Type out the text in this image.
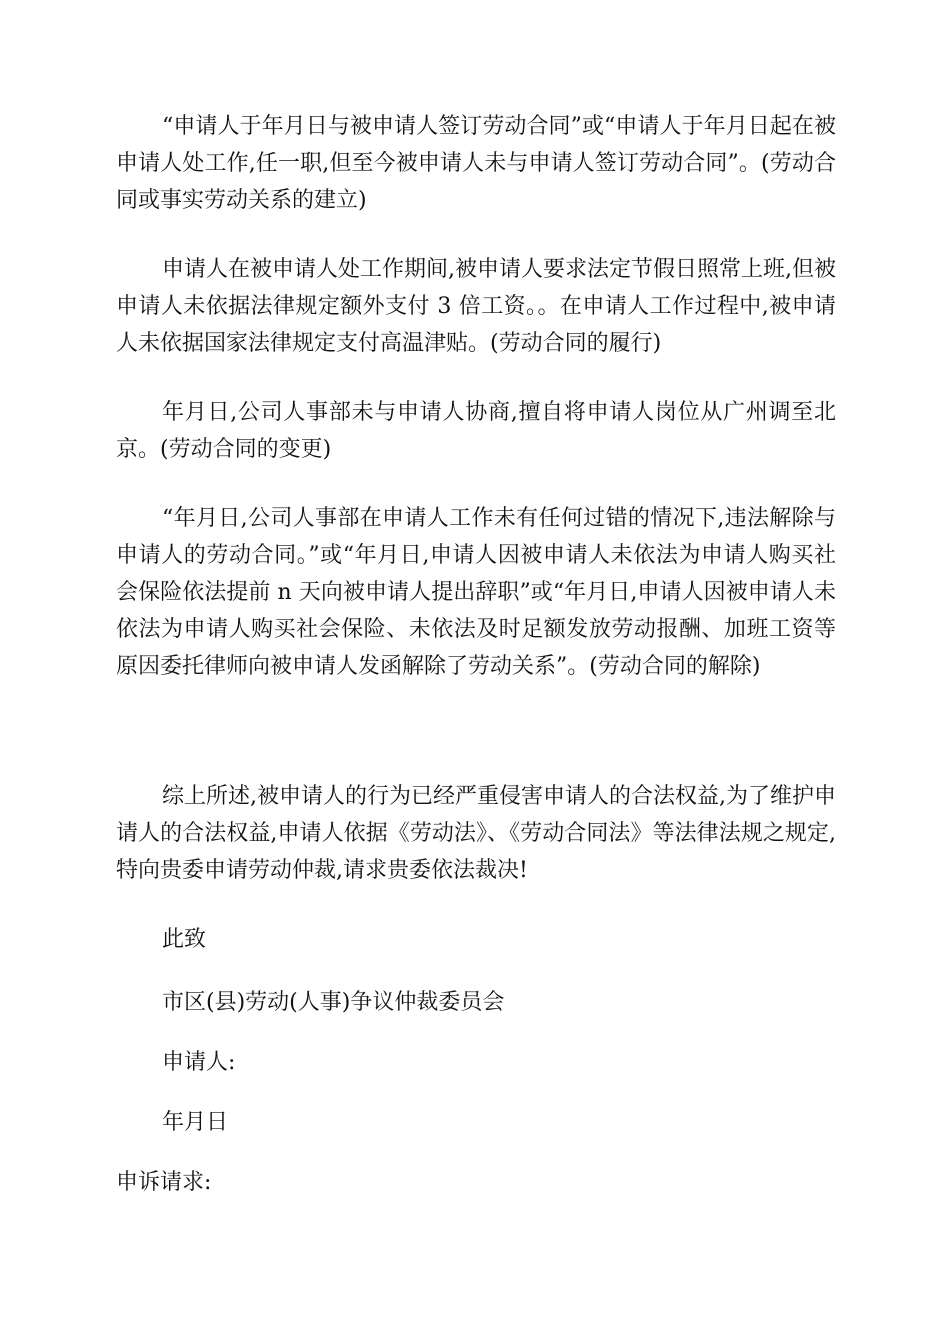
“申请人于年月日与被申请人签订劳动合同”或“申请人于年月日起在被申请人处工作,任一职,但至今被申请人未与申请人签订劳动合同”。(劳动合同或事实劳动关系的建立)

申请人在被申请人处工作期间,被申请人要求法定节假日照常上班,但被申请人未依据法律规定额外支付 3 倍工资。。在申请人工作过程中,被申请人未依据国家法律规定支付高温津贴。(劳动合同的履行)

年月日,公司人事部未与申请人协商,擅自将申请人岗位从广州调至北京。(劳动合同的变更)

“年月日,公司人事部在申请人工作未有任何过错的情况下,违法解除与申请人的劳动合同。”或“年月日,申请人因被申请人未依法为申请人购买社会保险依法提前 n 天向被申请人提出辞职”或“年月日,申请人因被申请人未依法为申请人购买社会保险、未依法及时足额发放劳动报酬、加班工资等原因委托律师向被申请人发函解除了劳动关系”。(劳动合同的解除)

综上所述,被申请人的行为已经严重侵害申请人的合法权益,为了维护申请人的合法权益,申请人依据《劳动法》、《劳动合同法》等法律法规之规定,特向贵委申请劳动仲裁,请求贵委依法裁决!

此致

市区(县)劳动(人事)争议仲裁委员会

申请人:

年月日

申诉请求:
